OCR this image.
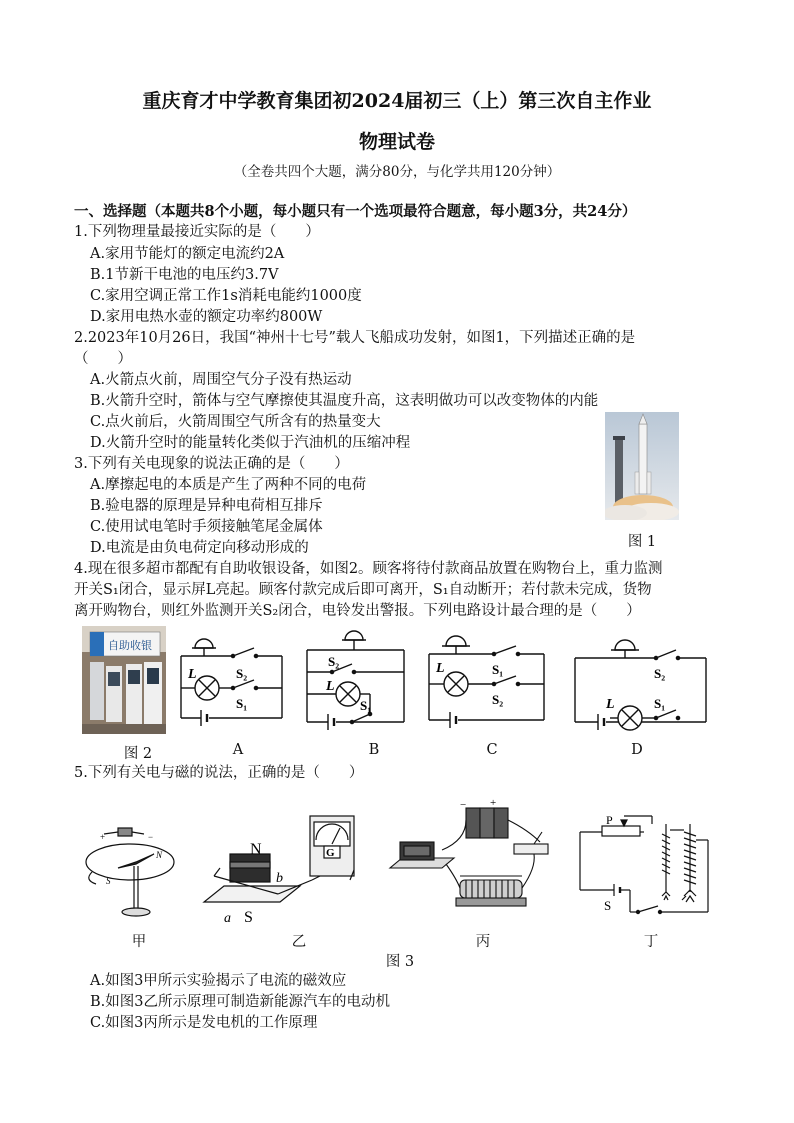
重庆育才中学教育集团初2024届初三（上）第三次自主作业
物理试卷
（全卷共四个大题，满分80分，与化学共用120分钟）
一、选择题（本题共8个小题，每小题只有一个选项最符合题意，每小题3分，共24分）
1.下列物理量最接近实际的是（　　）
A.家用节能灯的额定电流约2A
B.1节新干电池的电压约3.7V
C.家用空调正常工作1s消耗电能约1000度
D.家用电热水壶的额定功率约800W
2.2023年10月26日，我国“神州十七号”载人飞船成功发射，如图1，下列描述正确的是
（　　）
A.火箭点火前，周围空气分子没有热运动
B.火箭升空时，箭体与空气摩擦使其温度升高，这表明做功可以改变物体的内能
C.点火前后，火箭周围空气所含有的热量变大
D.火箭升空时的能量转化类似于汽油机的压缩冲程
图 1
3.下列有关电现象的说法正确的是（　　）
A.摩擦起电的本质是产生了两种不同的电荷
B.验电器的原理是异种电荷相互排斥
C.使用试电笔时手须接触笔尾金属体
D.电流是由负电荷定向移动形成的
4.现在很多超市都配有自助收银设备，如图2。顾客将待付款商品放置在购物台上，重力监测
开关S₁闭合，显示屏L亮起。顾客付款完成后即可离开，S₁自动断开；若付款未完成，货物
离开购物台，则红外监测开关S₂闭合，电铃发出警报。下列电路设计最合理的是（　　）
自助收银
L	S₂
S₁
S₂
L
S₁
L	S₁
S₂
S₂
L	S₁
图 2	A	B	C	D
5.下列有关电与磁的说法，正确的是（　　）
+	−
N
S
N
b
a S
G
− +
P
S
甲	乙	丙	丁
图 3
A.如图3甲所示实验揭示了电流的磁效应
B.如图3乙所示原理可制造新能源汽车的电动机
C.如图3丙所示是发电机的工作原理
